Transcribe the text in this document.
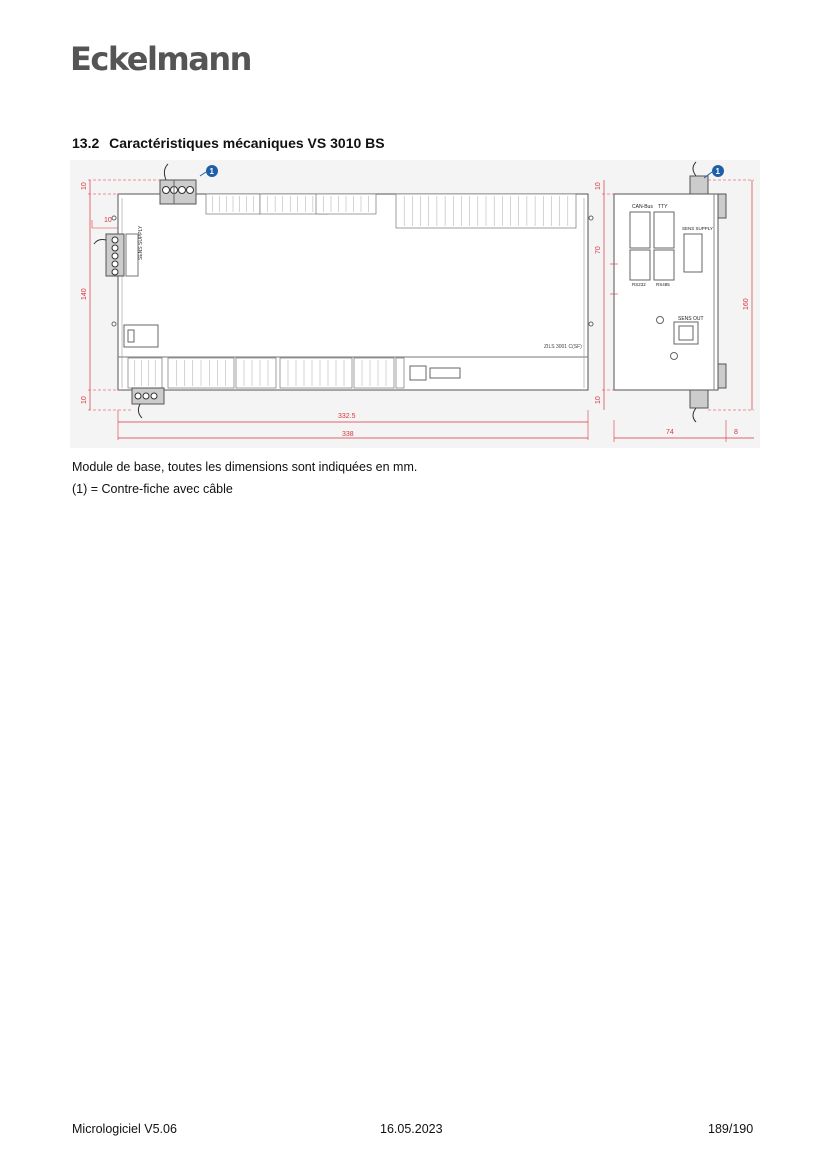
Eckelmann
13.2 Caractéristiques mécaniques VS 3010 BS
SENS SUPPLY
ZILS 3001 C(SF)
10
10
140
10
332.5
338
CAN-Bus TTY
RS232 RS485
SENS SUPPLY
SENS OUT
10
70
10
160
74	8
1	1
Module de base, toutes les dimensions sont indiquées en mm.
(1) = Contre-fiche avec câble
Micrologiciel V5.06	16.05.2023	189/190
